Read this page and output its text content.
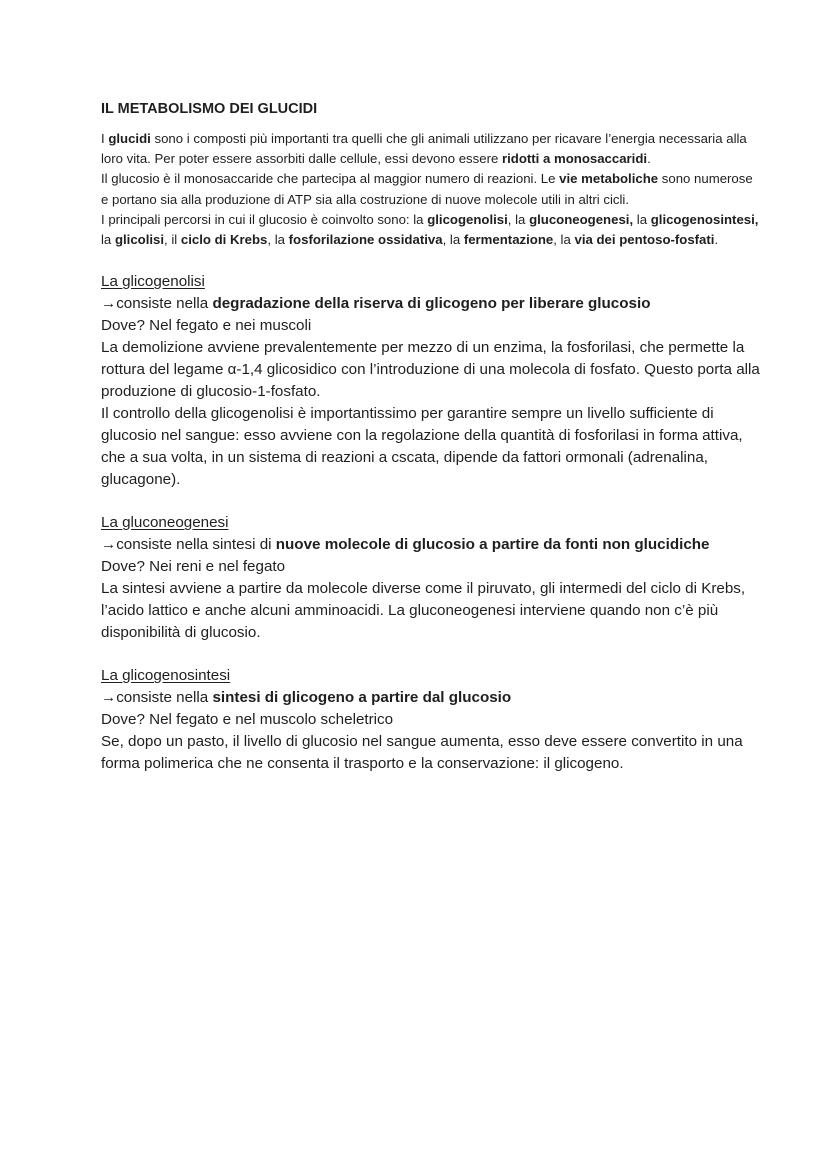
IL METABOLISMO DEI GLUCIDI

I glucidi sono i composti più importanti tra quelli che gli animali utilizzano per ricavare l’energia necessaria alla loro vita. Per poter essere assorbiti dalle cellule, essi devono essere ridotti a monosaccaridi.

Il glucosio è il monosaccaride che partecipa al maggior numero di reazioni. Le vie metaboliche sono numerose e portano sia alla produzione di ATP sia alla costruzione di nuove molecole utili in altri cicli.

I principali percorsi in cui il glucosio è coinvolto sono: la glicogenolisi, la gluconeogenesi, la glicogenosintesi, la glicolisi, il ciclo di Krebs, la fosforilazione ossidativa, la fermentazione, la via dei pentoso-fosfati.

La glicogenolisi

→consiste nella degradazione della riserva di glicogeno per liberare glucosio

Dove? Nel fegato e nei muscoli

La demolizione avviene prevalentemente per mezzo di un enzima, la fosforilasi, che permette la rottura del legame α-1,4 glicosidico con l’introduzione di una molecola di fosfato. Questo porta alla produzione di glucosio-1-fosfato.

Il controllo della glicogenolisi è importantissimo per garantire sempre un livello sufficiente di glucosio nel sangue: esso avviene con la regolazione della quantità di fosforilasi in forma attiva, che a sua volta, in un sistema di reazioni a cscata, dipende da fattori ormonali (adrenalina, glucagone).

La gluconeogenesi

→consiste nella sintesi di nuove molecole di glucosio a partire da fonti non glucidiche

Dove? Nei reni e nel fegato

La sintesi avviene a partire da molecole diverse come il piruvato, gli intermedi del ciclo di Krebs, l’acido lattico e anche alcuni amminoacidi. La gluconeogenesi interviene quando non c’è più disponibilità di glucosio.

La glicogenosintesi

→consiste nella sintesi di glicogeno a partire dal glucosio

Dove? Nel fegato e nel muscolo scheletrico

Se, dopo un pasto, il livello di glucosio nel sangue aumenta, esso deve essere convertito in una forma polimerica che ne consenta il trasporto e la conservazione: il glicogeno.
